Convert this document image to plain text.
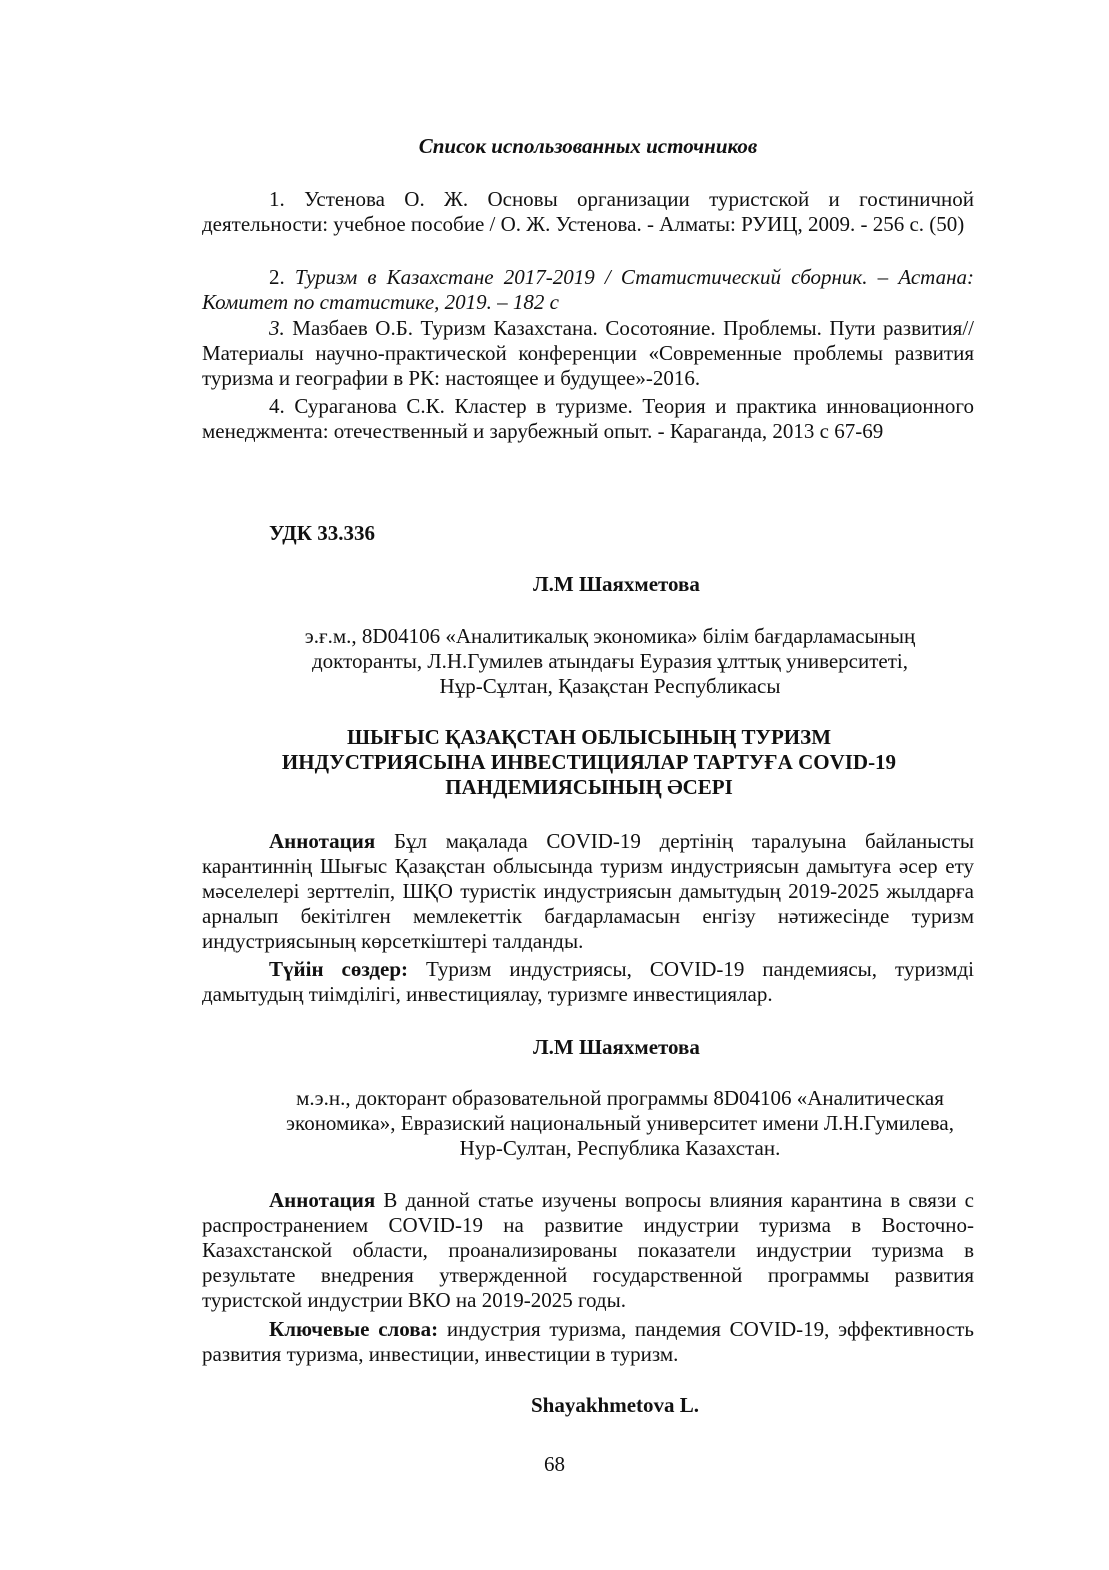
Список использованных источников

1. Устенова О. Ж. Основы организации туристской и гостиничной деятельности: учебное пособие / О. Ж. Устенова. - Алматы: РУИЦ, 2009. - 256 с. (50)

2. Туризм в Казахстане 2017-2019 / Статистический сборник. – Астана: Комитет по статистике, 2019. – 182 с

3. Мазбаев О.Б. Туризм Казахстана. Сосотояние. Проблемы. Пути развития//Материалы научно-практической конференции «Современные проблемы развития туризма и географии в РК: настоящее и будущее»-2016.

4. Сураганова С.К. Кластер в туризме. Теория и практика инновационного менеджмента: отечественный и зарубежный опыт. - Караганда, 2013 с 67-69

УДК 33.336
Л.М Шаяхметова
э.ғ.м., 8D04106 «Аналитикалық экономика» білім бағдарламасының
докторанты, Л.Н.Гумилев атындағы Еуразия ұлттық университеті,
Нұр-Сұлтан, Қазақстан Республикасы
ШЫҒЫС ҚАЗАҚСТАН ОБЛЫСЫНЫҢ ТУРИЗМ
ИНДУСТРИЯСЫНА ИНВЕСТИЦИЯЛАР ТАРТУҒА COVID-19
ПАНДЕМИЯСЫНЫҢ ӘСЕРІ

Аннотация Бұл мақалада COVID-19 дертінің таралуына байланысты карантиннің Шығыс Қазақстан облысында туризм индустриясын дамытуға әсер ету мәселелері зерттеліп, ШҚО туристік индустриясын дамытудың 2019-2025 жылдарға арналып бекітілген мемлекеттік бағдарламасын енгізу нәтижесінде туризм индустриясының көрсеткіштері талданды.

Түйін сөздер: Туризм индустриясы, COVID-19 пандемиясы, туризмді дамытудың тиімділігі, инвестициялау, туризмге инвестициялар.

Л.М Шаяхметова
м.э.н., докторант образовательной программы 8D04106 «Аналитическая
экономика», Евразиский национальный университет имени Л.Н.Гумилева,
Нур-Султан, Республика Казахстан.

Аннотация В данной статье изучены вопросы влияния карантина в связи с распространением COVID-19 на развитие индустрии туризма в Восточно-Казахстанской области, проанализированы показатели индустрии туризма в результате внедрения утвержденной государственной программы развития туристской индустрии ВКО на 2019-2025 годы.

Ключевые слова: индустрия туризма, пандемия COVID-19, эффективность развития туризма, инвестиции, инвестиции в туризм.

Shayakhmetova L.
68
